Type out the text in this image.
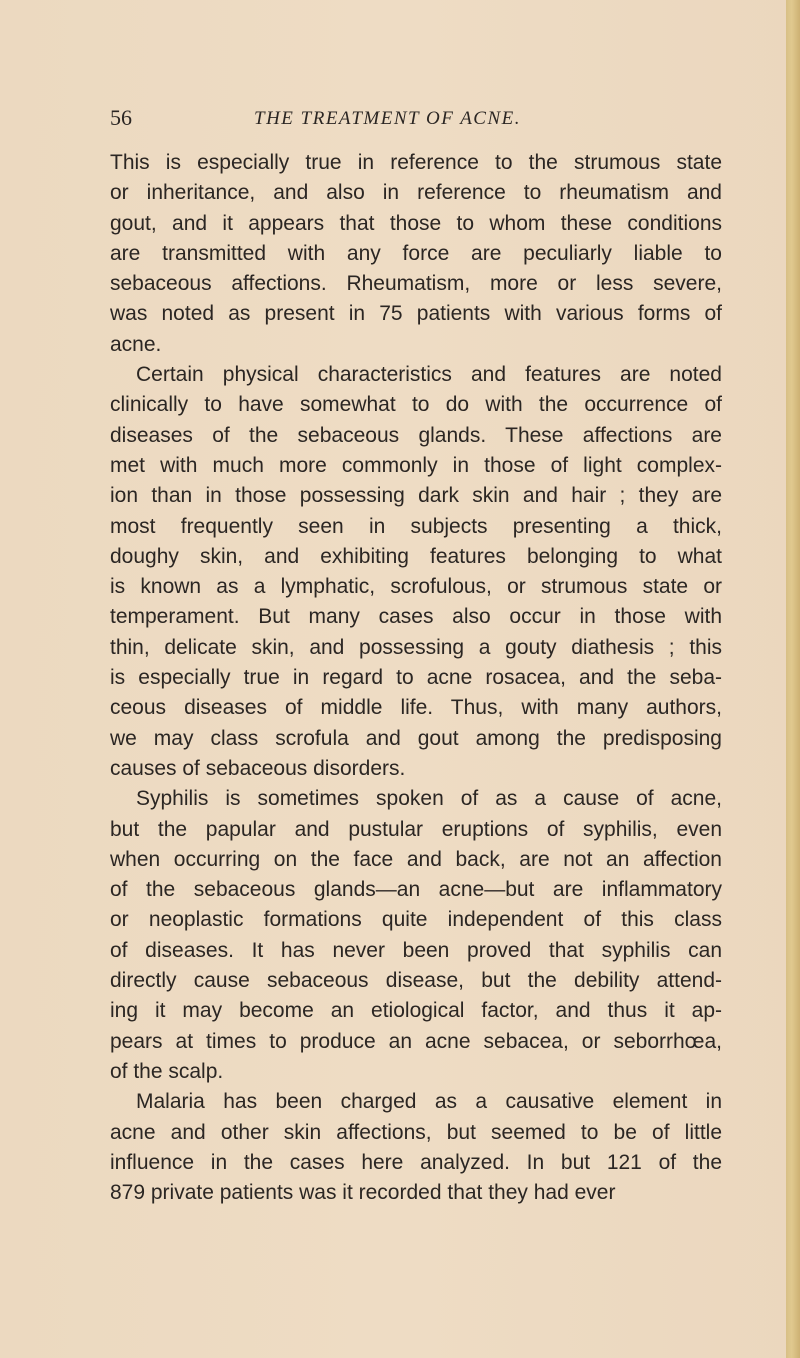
56	THE TREATMENT OF ACNE.
This is especially true in reference to the strumous state
or inheritance, and also in reference to rheumatism and
gout, and it appears that those to whom these conditions
are transmitted with any force are peculiarly liable to
sebaceous affections. Rheumatism, more or less severe,
was noted as present in 75 patients with various forms of
acne.
Certain physical characteristics and features are noted
clinically to have somewhat to do with the occurrence of
diseases of the sebaceous glands. These affections are
met with much more commonly in those of light complex-
ion than in those possessing dark skin and hair ; they are
most frequently seen in subjects presenting a thick,
doughy skin, and exhibiting features belonging to what
is known as a lymphatic, scrofulous, or strumous state or
temperament. But many cases also occur in those with
thin, delicate skin, and possessing a gouty diathesis ; this
is especially true in regard to acne rosacea, and the seba-
ceous diseases of middle life. Thus, with many authors,
we may class scrofula and gout among the predisposing
causes of sebaceous disorders.
Syphilis is sometimes spoken of as a cause of acne,
but the papular and pustular eruptions of syphilis, even
when occurring on the face and back, are not an affection
of the sebaceous glands—an acne—but are inflammatory
or neoplastic formations quite independent of this class
of diseases. It has never been proved that syphilis can
directly cause sebaceous disease, but the debility attend-
ing it may become an etiological factor, and thus it ap-
pears at times to produce an acne sebacea, or seborrhœa,
of the scalp.
Malaria has been charged as a causative element in
acne and other skin affections, but seemed to be of little
influence in the cases here analyzed. In but 121 of the
879 private patients was it recorded that they had ever
